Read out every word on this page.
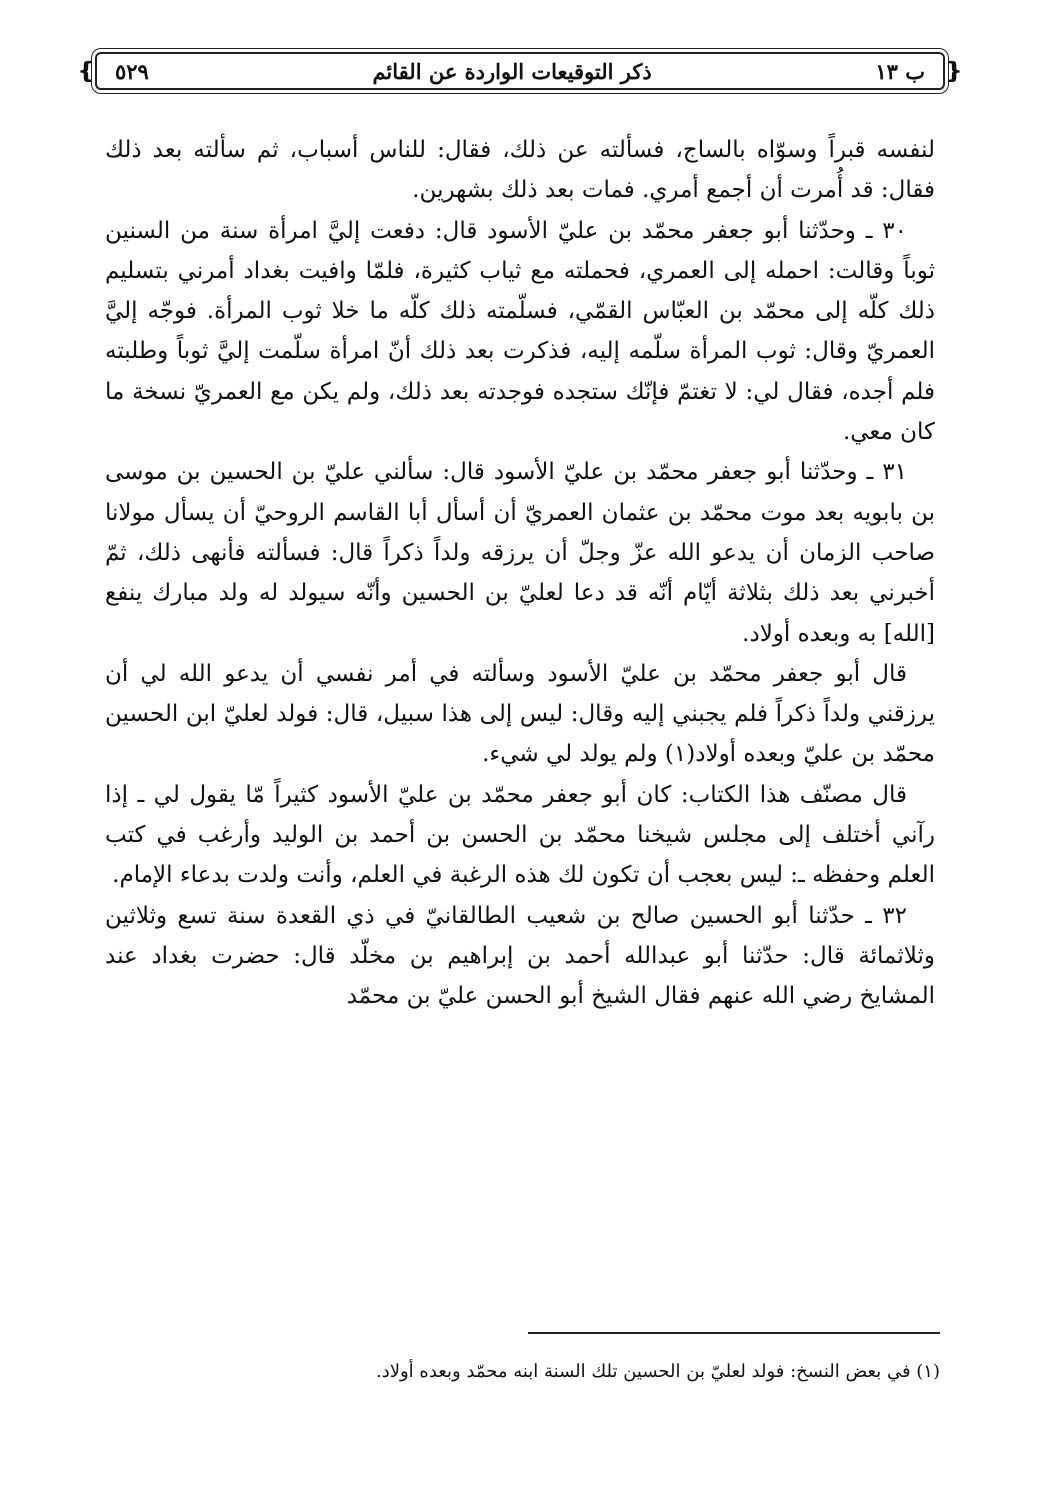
❴
ب ١٣
ذكر التوقيعات الواردة عن القائم
٥٢٩
❵

لنفسه قبراً وسوّاه بالساج، فسألته عن ذلك، فقال: للناس أسباب، ثم سألته بعد ذلك فقال: قد أُمرت أن أجمع أمري. فمات بعد ذلك بشهرين.

٣٠ ـ وحدّثنا أبو جعفر محمّد بن عليّ الأسود قال: دفعت إليَّ امرأة سنة من السنين ثوباً وقالت: احمله إلى العمري، فحملته مع ثياب كثيرة، فلمّا وافيت بغداد أمرني بتسليم ذلك كلّه إلى محمّد بن العبّاس القمّي، فسلّمته ذلك كلّه ما خلا ثوب المرأة. فوجّه إليَّ العمريّ وقال: ثوب المرأة سلّمه إليه، فذكرت بعد ذلك أنّ امرأة سلّمت إليَّ ثوباً وطلبته فلم أجده، فقال لي: لا تغتمّ فإنّك ستجده فوجدته بعد ذلك، ولم يكن مع العمريّ نسخة ما كان معي.

٣١ ـ وحدّثنا أبو جعفر محمّد بن عليّ الأسود قال: سألني عليّ بن الحسين بن موسى بن بابويه بعد موت محمّد بن عثمان العمريّ أن أسأل أبا القاسم الروحيّ أن يسأل مولانا صاحب الزمان أن يدعو الله عزّ وجلّ أن يرزقه ولداً ذكراً قال: فسألته فأنهى ذلك، ثمّ أخبرني بعد ذلك بثلاثة أيّام أنّه قد دعا لعليّ بن الحسين وأنّه سيولد له ولد مبارك ينفع [الله] به وبعده أولاد.

قال أبو جعفر محمّد بن عليّ الأسود وسألته في أمر نفسي أن يدعو الله لي أن يرزقني ولداً ذكراً فلم يجبني إليه وقال: ليس إلى هذا سبيل، قال: فولد لعليّ ابن الحسين محمّد بن عليّ وبعده أولاد(١) ولم يولد لي شيء.

قال مصنّف هذا الكتاب: كان أبو جعفر محمّد بن عليّ الأسود كثيراً مّا يقول لي ـ إذا رآني أختلف إلى مجلس شيخنا محمّد بن الحسن بن أحمد بن الوليد وأرغب في كتب العلم وحفظه ـ: ليس بعجب أن تكون لك هذه الرغبة في العلم، وأنت ولدت بدعاء الإمام.

٣٢ ـ حدّثنا أبو الحسين صالح بن شعيب الطالقانيّ في ذي القعدة سنة تسع وثلاثين وثلاثمائة قال: حدّثنا أبو عبدالله أحمد بن إبراهيم بن مخلّد قال: حضرت بغداد عند المشايخ رضي الله عنهم فقال الشيخ أبو الحسن عليّ بن محمّد

(١) في بعض النسخ: فولد لعليّ بن الحسين تلك السنة ابنه محمّد وبعده أولاد.
